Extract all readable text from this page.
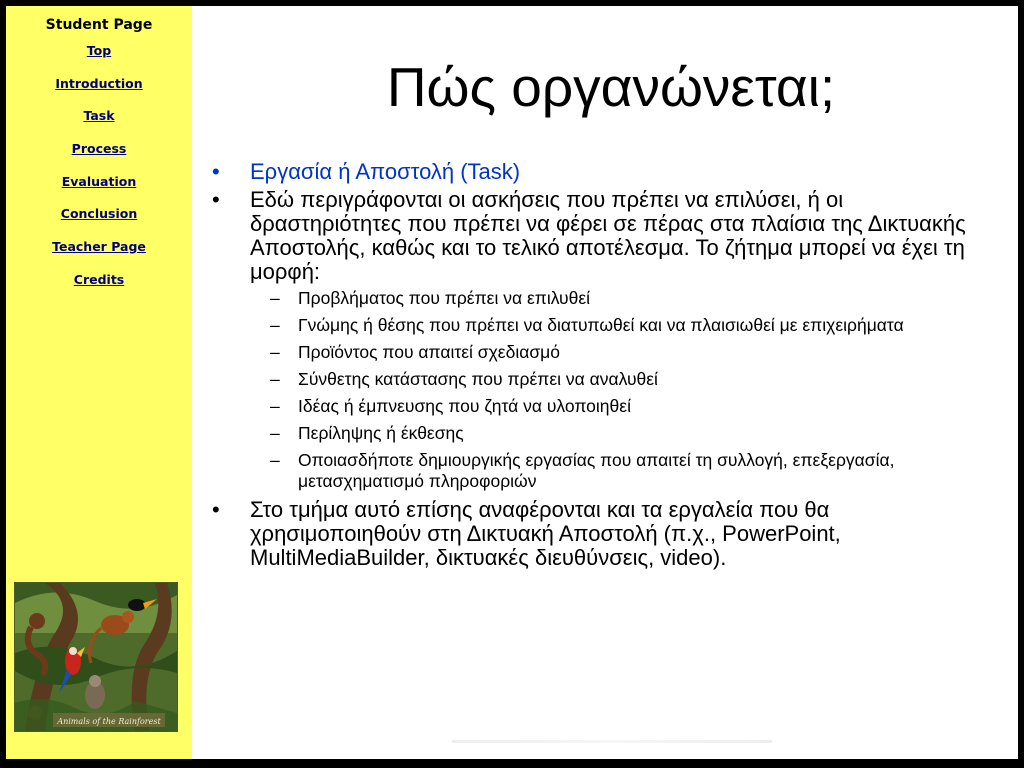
Student Page
Top
Introduction
Task
Process
Evaluation
Conclusion
Teacher Page
Credits
Animals of the Rainforest
Πώς οργανώνεται;
• Εργασία ή Αποστολή (Task)
• Εδώ περιγράφονται οι ασκήσεις που πρέπει να επιλύσει, ή οι δραστηριότητες που πρέπει να φέρει σε πέρας στα πλαίσια της Δικτυακής Αποστολής, καθώς και το τελικό αποτέλεσμα. Το ζήτημα μπορεί να έχει τη μορφή:
– Προβλήματος που πρέπει να επιλυθεί
– Γνώμης ή θέσης που πρέπει να διατυπωθεί και να πλαισιωθεί με επιχειρήματα
– Προϊόντος που απαιτεί σχεδιασμό
– Σύνθετης κατάστασης που πρέπει να αναλυθεί
– Ιδέας ή έμπνευσης που ζητά να υλοποιηθεί
– Περίληψης ή έκθεσης
– Οποιασδήποτε δημιουργικής εργασίας που απαιτεί τη συλλογή, επεξεργασία, μετασχηματισμό πληροφοριών
• Στο τμήμα αυτό επίσης αναφέρονται και τα εργαλεία που θα χρησιμοποιηθούν στη Δικτυακή Αποστολή (π.χ., PowerPoint, MultiMediaBuilder, δικτυακές διευθύνσεις, video).
